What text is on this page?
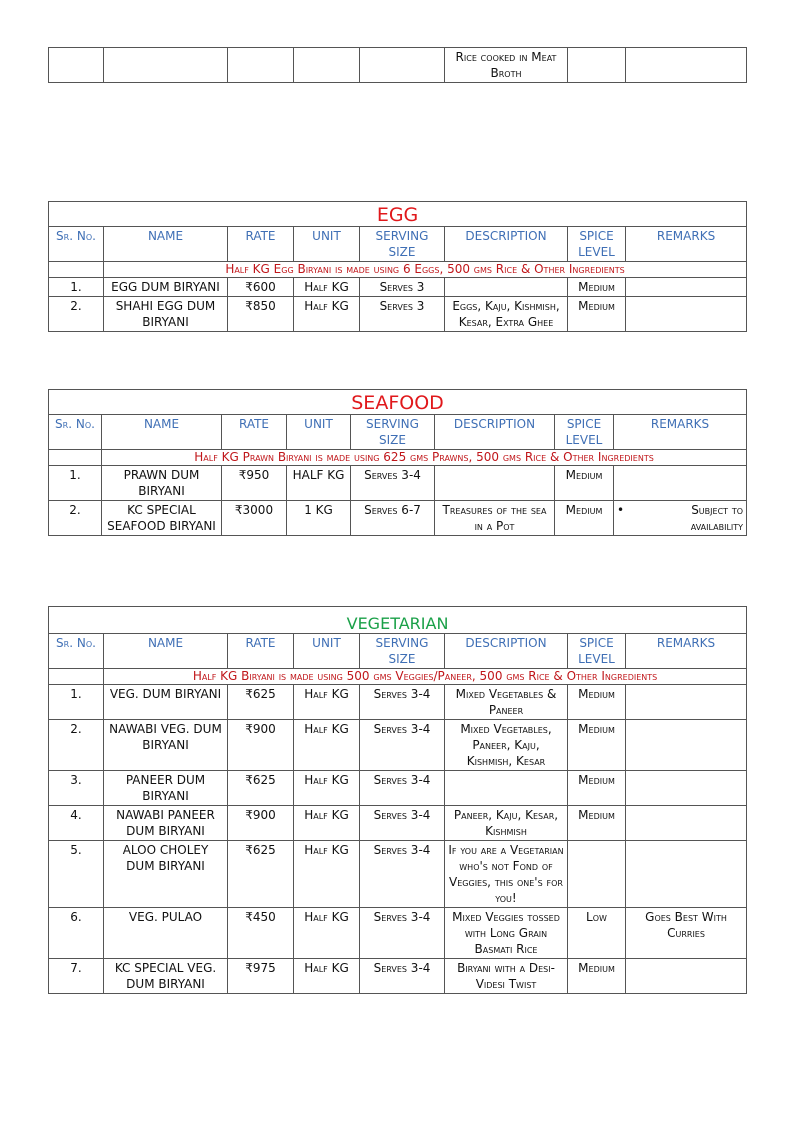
					Rice cooked in Meat Broth		
EGG							
Sr. No.	NAME	RATE	UNIT	SERVING SIZE	DESCRIPTION	SPICE LEVEL	REMARKS
	Half KG Egg Biryani is made using 6 Eggs, 500 gms Rice & Other Ingredients						
1.	EGG DUM BIRYANI	₹600	Half KG	Serves 3		Medium	
2.	SHAHI EGG DUM BIRYANI	₹850	Half KG	Serves 3	Eggs, Kaju, Kishmish, Kesar, Extra Ghee	Medium	
SEAFOOD							
Sr. No.	NAME	RATE	UNIT	SERVING SIZE	DESCRIPTION	SPICE LEVEL	REMARKS
	Half KG Prawn Biryani is made using 625 gms Prawns, 500 gms Rice & Other Ingredients						
1.	PRAWN DUM BIRYANI	₹950	HALF KG	Serves 3-4		Medium	
2.	KC SPECIAL SEAFOOD BIRYANI	₹3000	1 KG	Serves 6-7	Treasures of the sea in a Pot	Medium	• Subject to availability
VEGETARIAN							
Sr. No.	NAME	RATE	UNIT	SERVING SIZE	DESCRIPTION	SPICE LEVEL	REMARKS
	Half KG Biryani is made using 500 gms Veggies/Paneer, 500 gms Rice & Other Ingredients						
1.	VEG. DUM BIRYANI	₹625	Half KG	Serves 3-4	Mixed Vegetables & Paneer	Medium	
2.	NAWABI VEG. DUM BIRYANI	₹900	Half KG	Serves 3-4	Mixed Vegetables, Paneer, Kaju, Kishmish, Kesar	Medium	
3.	PANEER DUM BIRYANI	₹625	Half KG	Serves 3-4		Medium	
4.	NAWABI PANEER DUM BIRYANI	₹900	Half KG	Serves 3-4	Paneer, Kaju, Kesar, Kishmish	Medium	
5.	ALOO CHOLEY DUM BIRYANI	₹625	Half KG	Serves 3-4	If you are a Vegetarian who's not Fond of Veggies, this one's for you!		
6.	VEG. PULAO	₹450	Half KG	Serves 3-4	Mixed Veggies tossed with Long Grain Basmati Rice	Low	Goes Best With Curries
7.	KC SPECIAL VEG. DUM BIRYANI	₹975	Half KG	Serves 3-4	Biryani with a Desi-Videsi Twist	Medium	
